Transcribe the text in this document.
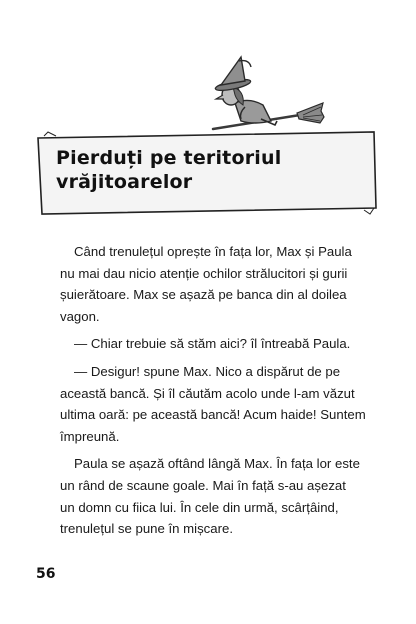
Pierduți pe teritoriul
vrăjitoarelor
Când trenulețul oprește în fața lor, Max și Paula
nu mai dau nicio atenție ochilor strălucitori și gurii
șuierătoare. Max se așază pe banca din al doilea
vagon.
— Chiar trebuie să stăm aici? îl întreabă Paula.
— Desigur! spune Max. Nico a dispărut de pe
această bancă. Și îl căutăm acolo unde l-am văzut
ultima oară: pe această bancă! Acum haide! Suntem
împreună.
Paula se așază oftând lângă Max. În fața lor este
un rând de scaune goale. Mai în față s-au așezat
un domn cu fiica lui. În cele din urmă, scârțâind,
trenulețul se pune în mișcare.
56
